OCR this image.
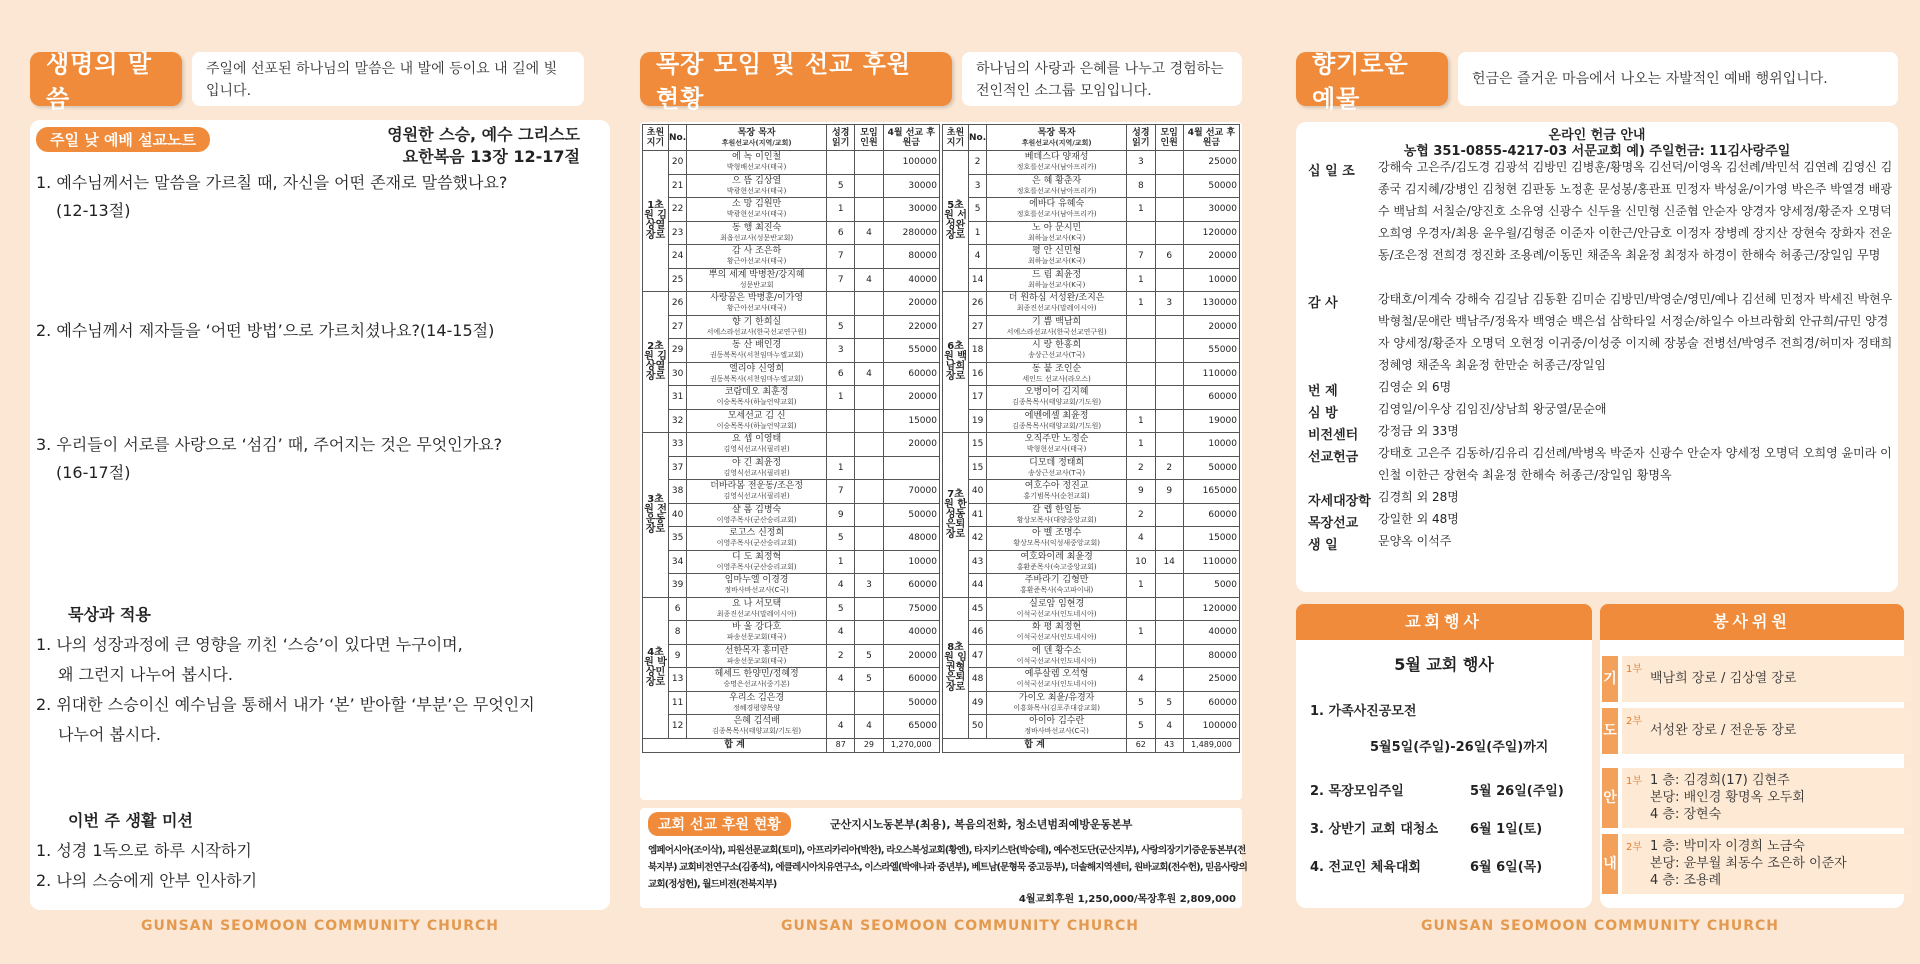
생명의 말씀
주일에 선포된 하나님의 말씀은 내 발에 등이요 내 길에 빛입니다.
주일 낮 예배 설교노트	영원한 스승, 예수 그리스도
요한복음 13장 12-17절
1. 예수님께서는 말씀을 가르칠 때, 자신을 어떤 존재로 말씀했나요?
(12-13절)
2. 예수님께서 제자들을 ‘어떤 방법’으로 가르치셨나요?(14-15절)
3. 우리들이 서로를 사랑으로 ‘섬김’ 때, 주어지는 것은 무엇인가요?
(16-17절)
묵상과 적용
1. 나의 성장과정에 큰 영향을 끼친 ‘스승’이 있다면 누구이며,
왜 그런지 나누어 봅시다.
2. 위대한 스승이신 예수님을 통해서 내가 ‘본’ 받아할 ‘부분’은 무엇인지
나누어 봅시다.
이번 주 생활 미션
1. 성경 1독으로 하루 시작하기
2. 나의 스승에게 안부 인사하기
GUNSAN SEOMOON COMMUNITY CHURCH
목장 모임 및 선교 후원 현황
하나님의 사랑과 은혜를 나누고 경험하는 전인적인 소그룹 모임입니다.
초원 지기	No.	목장 목자
후원선교사(지역/교회)	성경 읽기	모임 인원	4월 선교 후원금
1초원 김상열장로	20	에 녹 이인철
박형배선교사(태국)			100000
	21	으 뜸 김상열
박광현선교사(태국)	5		30000
	22	소 망 김원만
박광현선교사(태국)	1		30000
	23	동 행 최진숙
최옵선교사(성문반교회)	6	4	280000
	24	감 사 조은하
황근아선교사(태국)	7		80000
	25	뿌의 세계 박병찬/강지혜
성문반교회	7	4	40000
2초원 김상열장로	26	사랑꿈은 박병훈/이가영
황근아선교사(태국)			20000
	27	향 기 한희실
서에스라선교사(한국선교연구원)	5		22000
	29	동 산 배인경
권동복목사(서천임마누엘교회)	3		55000
	30	엘리야 신영희
권동복목사(서천임마누엘교회)	6	4	60000
	31	코람데오 최훈정
이승목목사(하늘언약교회)	1		20000
	32	모세선교 김 신
이승목목사(하늘언약교회)			15000
3초원 전운동장로	33	요 셉 이영태
김영식선교사(필리핀)			20000
	37	야 긴 최윤정
김영식선교사(필리핀)	1		
	38	더바라봄 전운동/조은정
김영식선교사(필리핀)	7		70000
	40	샬 롬 김병숙
이영주목사(군산승리교회)	9		50000
	35	로고스 신정희
이영주목사(군산승리교회)	5		48000
	34	디 도 최정혁
이영주목사(군산승리교회)	1		10000
	39	임마누엘 이경경
정바사바선교사(C국)	4	3	60000
4초원 박상민장로	6	요 나 서모택
최종진선교사(말레이시아)	5		75000
	8	바 울 강다호
파송선문교회(태국)	4		40000
	9	선한목자 홍미란
파송선문교회(태국)	2	5	20000
	13	헤세드 한양민/정혜정
승명은선교사(중기본)	4	5	60000
	11	우리소 김은경
정혜경평양목양			50000
	12	은혜 김석배
김종목목사(태양교회/기도원)	4	4	65000
합 계			87	29	1,270,000
초원 지기	No.	목장 목자
후원선교사(지역/교회)	성경 읽기	모임 인원	4월 선교 후원금
5초원 서성완장로	2	베데스다 양재성
정호를선교사(남아프리카)	3		25000
	3	은 혜 황춘자
정호를선교사(남아프리카)	8		50000
	5	에바다 유혜숙
정호를선교사(남아프리카)	1		30000
	1	노 아 문시민
최하늘선교사(K국)			120000
	4	평 안 신민형
최하늘선교사(K국)	7	6	20000
	14	드 림 최윤정
최하늘선교사(K국)	1		10000
6초원 백남희장로	26	더 원하심 서성완/조지은
최종진선교사(말레이시아)	1	3	130000
	27	기 쁨 백남희
서에스라선교사(한국선교연구원)			20000
	18	시 랑 한홍희
송상근선교사(T국)			55000
	16	동 붙 조인순
세인드 선교사(라오스)			110000
	17	오병이어 김지혜
김종목목사(태양교회/기도원)			60000
	19	에벤에셀 최윤정
김종목목사(태양교회/기도원)	1		19000
7초원 한성동은퇴장로	15	오직주만 노정순
박형현선교사(태국)	1		10000
	15	디모데 정태희
송상근선교사(T국)	2	2	50000
	40	여호수아 정진교
홍기범목사(순천교회)	9	9	165000
	41	갈 렙 한일동
황상모목사(대양중앙교회)	2		60000
	42	아 벨 조명수
황상모목사(익성새중앙교회)	4		15000
	43	여호와이레 최윤경
홍환준목사(숙고중앙교회)	10	14	110000
	44	주바라기 김형만
홍환준목사(숙고파이내)	1		5000
8초원 임권형은퇴장로	45	실로암 임현경
이석국선교사(인도네시아)			120000
	46	화 평 최정현
이석국선교사(인도네시아)	1		40000
	47	에 덴 황수소
이석국선교사(인도네시아)			80000
	48	예루살렘 오석형
이석국선교사(인도네시아)	4		25000
	49	가이오 최윤/유경자
이흥화목사(김포주대감교회)	5	5	60000
	50	아이아 김수란
정바사바선교사(C국)	5	4	100000
합 계			62	43	1,489,000
교회 선교 후원 현황	군산지시노동본부(최용), 복음의전화, 청소년범죄예방운동본부
엠페어시아(조이삭), 피원선문교회(토미), 아프리카리아(박찬), 라오스복성교회(황엔), 타지키스탄(박승태), 예수전도단(군산지부), 사랑의장기기증운동본부(전북지부) 교회비전연구소(김종석), 에클레시아치유연구소, 이스라엘(박애나과 중년부), 베트남(문형묵 중고등부), 더솔해지역센터, 원바교회(전수헌), 믿음사랑의교회(정성헌), 월드비젼(전북지부)
4월교회후원 1,250,000/목장후원 2,809,000
GUNSAN SEOMOON COMMUNITY CHURCH
향기로운예물
헌금은 즐거운 마음에서 나오는 자발적인 예배 행위입니다.
온라인 헌금 안내
농협 351-0855-4217-03 서문교회 예) 주일헌금: 11김사랑주일
십 일 조	강해숙 고은주/김도경 김광석 김방민 김병훈/황명옥 김선덕/이영옥 김선례/박민석 김연례 김영신 김종국 김지혜/강병인 김청현 김판동 노정훈 문성봉/홍관표 민정자 박성윤/이가영 박은주 박열경 배광수 백남희 서칠순/양진호 소유영 신광수 신두율 신민형 신준협 안순자 양경자 양세정/황준자 오명덕 오희영 우경자/최용 윤우월/김형준 이준자 이한근/안금호 이정자 장병례 장지산 장현숙 장화자 전운동/조은정 전희경 정진화 조용례/이동민 채준옥 최윤정 최정자 하경이 한해숙 허종근/장일임 무명
감 사	강태호/이계숙 강해숙 김길남 김동환 김미순 김방민/박영순/영민/예나 김선혜 민정자 박세진 박현우 박형철/문애란 백남주/정육자 백영순 백은섭 삼학타일 서정순/하일수 아브라함회 안규희/규민 양경자 양세정/황준자 오명덕 오현정 이귀중/이성중 이지혜 장봉술 전병선/박영주 전희경/허미자 정태희 정혜영 채준옥 최윤정 한만순 허종근/장일임
번 제	김영순 외 6명
심 방	김영일/이우상 김임진/상남희 왕궁열/문순애
비전센터	강정금 외 33명
선교헌금	강태호 고은주 김동하/김유리 김선례/박병옥 박준자 신광수 안순자 양세정 오명덕 오희영 윤미라 이인철 이한근 장현숙 최윤정 한해숙 허종근/장일임 황명옥
자세대장학 김경희 외 28명
목장선교	강일한 외 48명
생 일	문양옥 이석주
교회행사
5월 교회 행사
1. 가족사진공모전
5월5일(주일)-26일(주일)까지
2. 목장모임주일	5월 26일(주일)
3. 상반기 교회 대청소 6월 1일(토)
4. 전교인 체육대회	6월 6일(목)
봉사위원
기
1부
백남희 장로 / 김상열 장로
도
2부
서성완 장로 / 전운동 장로
안
1부 1 층: 김경희(17) 김현주
본당: 배인경 황명옥 오두회
4 층: 장현숙
내
2부 1 층: 박미자 이경희 노금숙
본당: 윤부월 최동수 조은하 이준자
4 층: 조용례
GUNSAN SEOMOON COMMUNITY CHURCH
